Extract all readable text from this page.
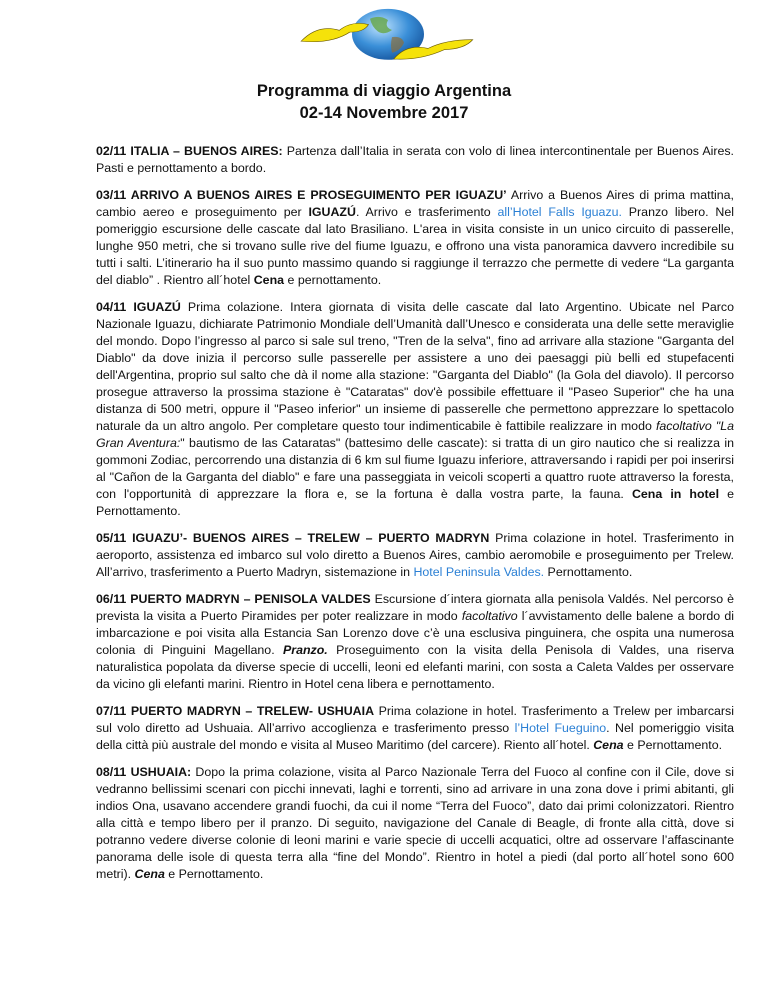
Programma di viaggio Argentina
02-14 Novembre 2017

02/11 ITALIA – BUENOS AIRES: Partenza dall’Italia in serata con volo di linea intercontinentale per Buenos Aires. Pasti e pernottamento a bordo.

03/11 ARRIVO A BUENOS AIRES E PROSEGUIMENTO PER IGUAZU’ Arrivo a Buenos Aires di prima mattina, cambio aereo e proseguimento per IGUAZÚ. Arrivo e trasferimento all’Hotel Falls Iguazu. Pranzo libero. Nel pomeriggio escursione delle cascate dal lato Brasiliano. L'area in visita consiste in un unico circuito di passerelle, lunghe 950 metri, che si trovano sulle rive del fiume Iguazu, e offrono una vista panoramica davvero incredibile su tutti i salti. L’itinerario ha il suo punto massimo quando si raggiunge il terrazzo che permette di vedere “La garganta del diablo” . Rientro all´hotel Cena e pernottamento.

04/11 IGUAZÚ Prima colazione. Intera giornata di visita delle cascate dal lato Argentino. Ubicate nel Parco Nazionale Iguazu, dichiarate Patrimonio Mondiale dell’Umanità dall’Unesco e considerata una delle sette meraviglie del mondo. Dopo l’ingresso al parco si sale sul treno, "Tren de la selva", fino ad arrivare alla stazione "Garganta del Diablo" da dove inizia il percorso sulle passerelle per assistere a uno dei paesaggi più belli ed stupefacenti dell'Argentina, proprio sul salto che dà il nome alla stazione: "Garganta del Diablo" (la Gola del diavolo). Il percorso prosegue attraverso la prossima stazione è "Cataratas" dov'è possibile effettuare il "Paseo Superior" che ha una distanza di 500 metri, oppure il "Paseo inferior" un insieme di passerelle che permettono apprezzare lo spettacolo naturale da un altro angolo. Per completare questo tour indimenticabile è fattibile realizzare in modo facoltativo "La Gran Aventura:" bautismo de las Cataratas" (battesimo delle cascate): si tratta di un giro nautico che si realizza in gommoni Zodiac, percorrendo una distanzia di 6 km sul fiume Iguazu inferiore, attraversando i rapidi per poi inserirsi al "Cañon de la Garganta del diablo" e fare una passeggiata in veicoli scoperti a quattro ruote attraverso la foresta, con l'opportunità di apprezzare la flora e, se la fortuna è dalla vostra parte, la fauna. Cena in hotel e Pernottamento.

05/11 IGUAZU’- BUENOS AIRES – TRELEW – PUERTO MADRYN Prima colazione in hotel. Trasferimento in aeroporto, assistenza ed imbarco sul volo diretto a Buenos Aires, cambio aeromobile e proseguimento per Trelew. All’arrivo, trasferimento a Puerto Madryn, sistemazione in Hotel Peninsula Valdes. Pernottamento.

06/11 PUERTO MADRYN – PENISOLA VALDES Escursione d´intera giornata alla penisola Valdés. Nel percorso è prevista la visita a Puerto Piramides per poter realizzare in modo facoltativo l´avvistamento delle balene a bordo di imbarcazione e poi visita alla Estancia San Lorenzo dove c’è una esclusiva pinguinera, che ospita una numerosa colonia di Pinguini Magellano. Pranzo. Proseguimento con la visita della Penisola di Valdes, una riserva naturalistica popolata da diverse specie di uccelli, leoni ed elefanti marini, con sosta a Caleta Valdes per osservare da vicino gli elefanti marini. Rientro in Hotel cena libera e pernottamento.

07/11 PUERTO MADRYN – TRELEW- USHUAIA Prima colazione in hotel. Trasferimento a Trelew per imbarcarsi sul volo diretto ad Ushuaia. All’arrivo accoglienza e trasferimento presso l’Hotel Fueguino. Nel pomeriggio visita della città più australe del mondo e visita al Museo Maritimo (del carcere). Riento all´hotel. Cena e Pernottamento.

08/11 USHUAIA: Dopo la prima colazione, visita al Parco Nazionale Terra del Fuoco al confine con il Cile, dove si vedranno bellissimi scenari con picchi innevati, laghi e torrenti, sino ad arrivare in una zona dove i primi abitanti, gli indios Ona, usavano accendere grandi fuochi, da cui il nome “Terra del Fuoco”, dato dai primi colonizzatori. Rientro alla città e tempo libero per il pranzo. Di seguito, navigazione del Canale di Beagle, di fronte alla città, dove si potranno vedere diverse colonie di leoni marini e varie specie di uccelli acquatici, oltre ad osservare l’affascinante panorama delle isole di questa terra alla “fine del Mondo”. Rientro in hotel a piedi (dal porto all´hotel sono 600 metri). Cena e Pernottamento.
